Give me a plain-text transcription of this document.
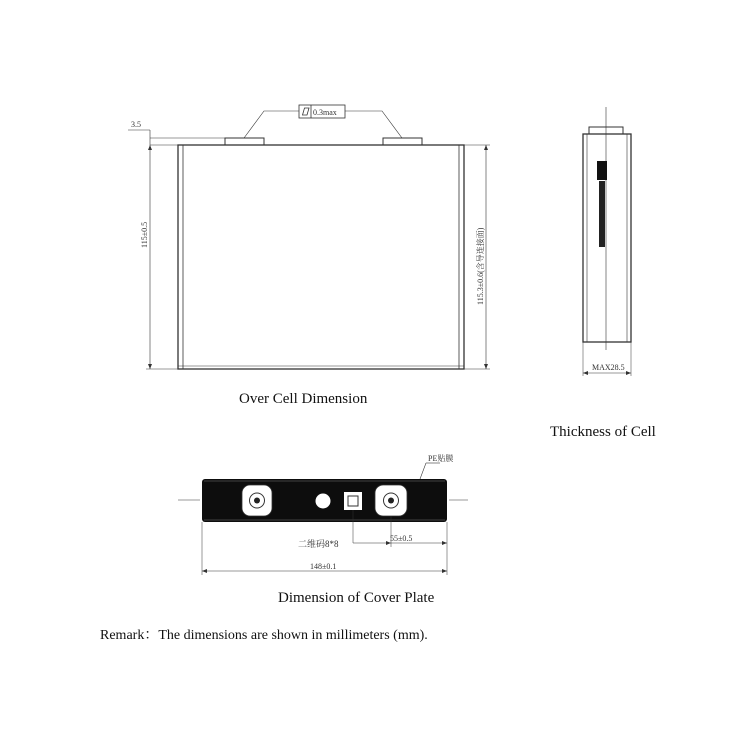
3.5
0.3max
115±0.5	115.3±0.6(含导连接面)
MAX28.5
PE贴膜
二维码8*8
55±0.5
148±0.1
Over Cell Dimension
Thickness of Cell
Dimension of Cover Plate
Remark：The dimensions are shown in millimeters (mm).
